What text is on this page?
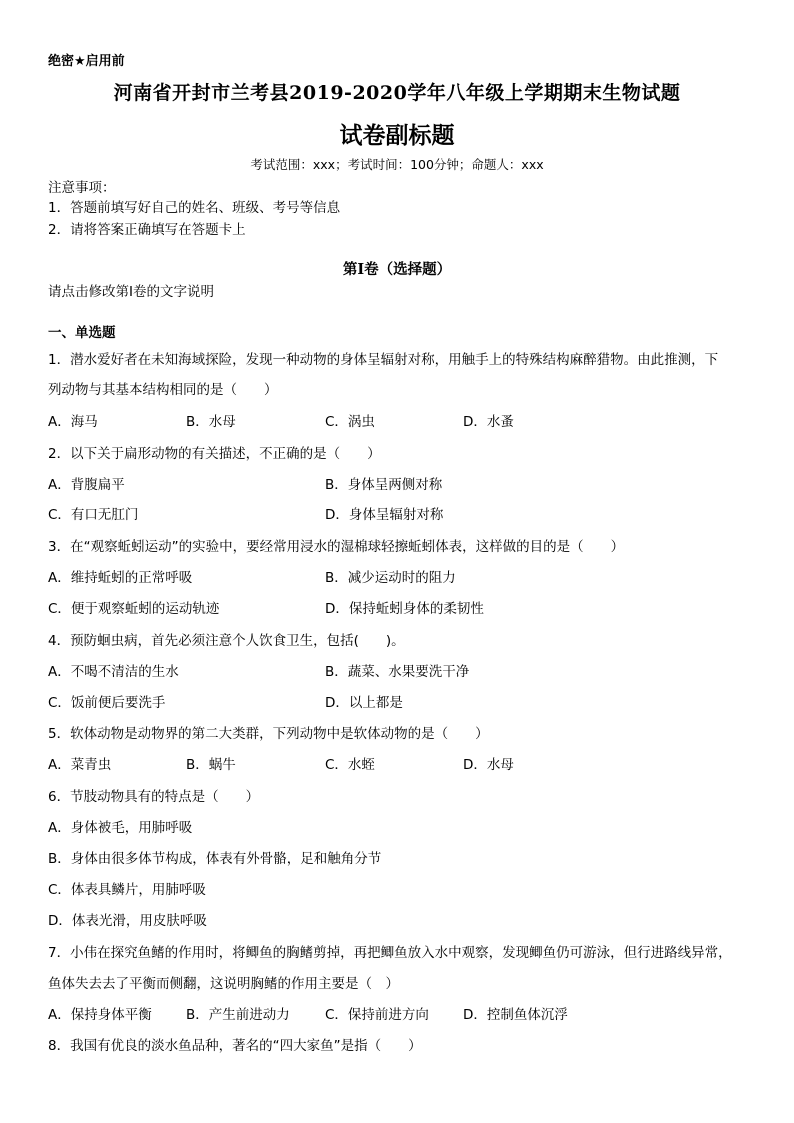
绝密★启用前
河南省开封市兰考县2019-2020学年八年级上学期期末生物试题
试卷副标题
考试范围：xxx；考试时间：100分钟；命题人：xxx
注意事项：
1．答题前填写好自己的姓名、班级、考号等信息
2．请将答案正确填写在答题卡上
第I卷（选择题）
请点击修改第I卷的文字说明
一、单选题
1．潜水爱好者在未知海域探险，发现一种动物的身体呈辐射对称，用触手上的特殊结构麻醉猎物。由此推测，下
列动物与其基本结构相同的是（　　）
A．海马	B．水母	C．涡虫	D．水蚤
2．以下关于扁形动物的有关描述，不正确的是（　　）
A．背腹扁平	B．身体呈两侧对称
C．有口无肛门	D．身体呈辐射对称
3．在“观察蚯蚓运动”的实验中，要经常用浸水的湿棉球轻擦蚯蚓体表，这样做的目的是（　　）
A．维持蚯蚓的正常呼吸	B．减少运动时的阻力
C．便于观察蚯蚓的运动轨迹	D．保持蚯蚓身体的柔韧性
4．预防蛔虫病，首先必须注意个人饮食卫生，包括(　　)。
A．不喝不清洁的生水	B．蔬菜、水果要洗干净
C．饭前便后要洗手	D．以上都是
5．软体动物是动物界的第二大类群，下列动物中是软体动物的是（　　）
A．菜青虫	B．蜗牛	C．水蛭	D．水母
6．节肢动物具有的特点是（　　）
A．身体被毛，用肺呼吸
B．身体由很多体节构成，体表有外骨骼，足和触角分节
C．体表具鳞片，用肺呼吸
D．体表光滑，用皮肤呼吸
7．小伟在探究鱼鳍的作用时，将鲫鱼的胸鳍剪掉，再把鲫鱼放入水中观察，发现鲫鱼仍可游泳，但行进路线异常，
鱼体失去去了平衡而侧翻，这说明胸鳍的作用主要是（　）
A．保持身体平衡	B．产生前进动力	C．保持前进方向	D．控制鱼体沉浮
8．我国有优良的淡水鱼品种，著名的“四大家鱼”是指（　　）
